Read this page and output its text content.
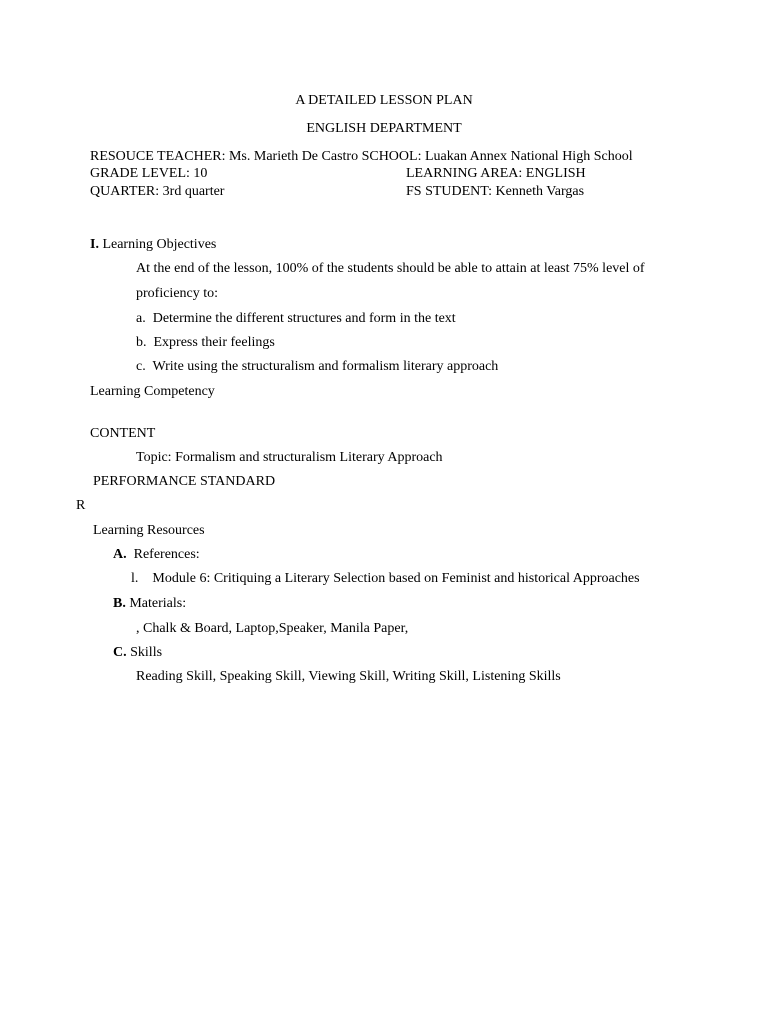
A DETAILED LESSON PLAN
ENGLISH DEPARTMENT
RESOUCE TEACHER: Ms. Marieth De Castro SCHOOL: Luakan Annex National High School
GRADE LEVEL: 10	LEARNING AREA: ENGLISH
QUARTER: 3rd quarter	FS STUDENT: Kenneth Vargas
I. Learning Objectives
At the end of the lesson, 100% of the students should be able to attain at least 75% level of
proficiency to:
a. Determine the different structures and form in the text
b. Express their feelings
c. Write using the structuralism and formalism literary approach
Learning Competency
CONTENT
Topic: Formalism and structuralism Literary Approach
PERFORMANCE STANDARD
R
Learning Resources
A. References:
l. Module 6: Critiquing a Literary Selection based on Feminist and historical Approaches
B. Materials:
, Chalk & Board, Laptop,Speaker, Manila Paper,
C. Skills
Reading Skill, Speaking Skill, Viewing Skill, Writing Skill, Listening Skills
